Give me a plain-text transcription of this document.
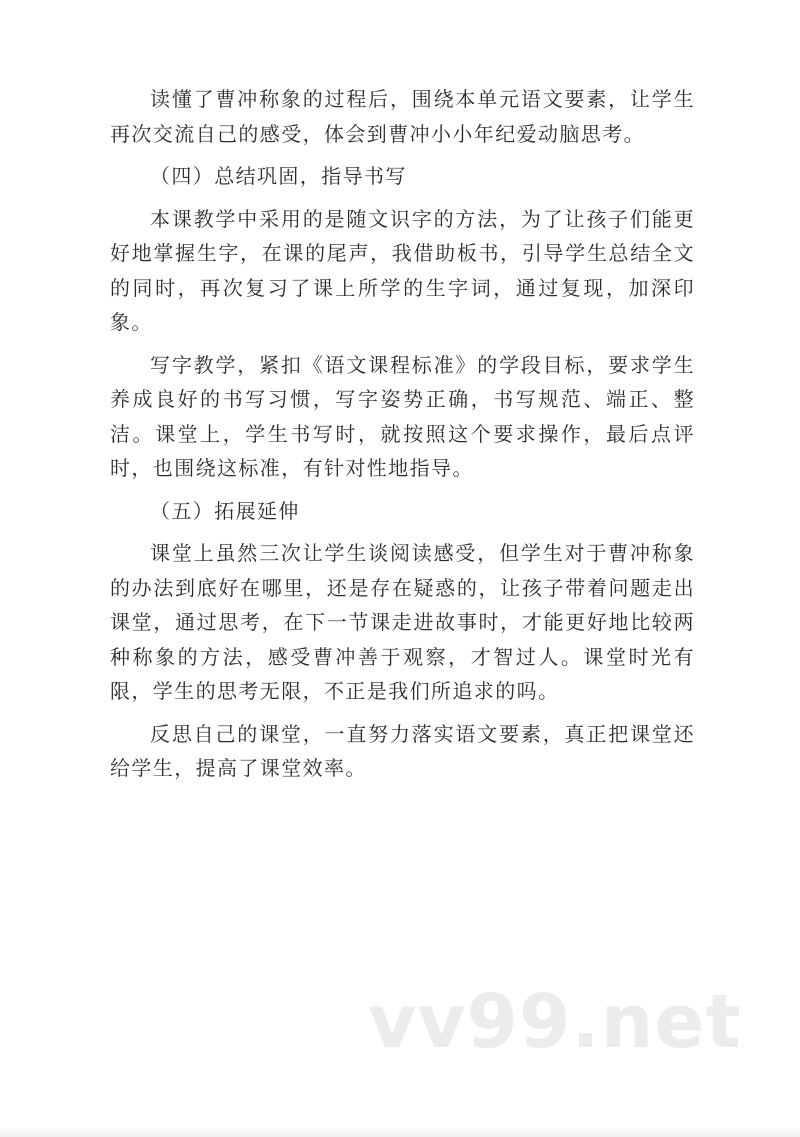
读懂了曹冲称象的过程后，围绕本单元语文要素，让学生再次交流自己的感受，体会到曹冲小小年纪爱动脑思考。

（四）总结巩固，指导书写

本课教学中采用的是随文识字的方法，为了让孩子们能更好地掌握生字，在课的尾声，我借助板书，引导学生总结全文的同时，再次复习了课上所学的生字词，通过复现，加深印象。

写字教学，紧扣《语文课程标准》的学段目标，要求学生养成良好的书写习惯，写字姿势正确，书写规范、端正、整洁。课堂上，学生书写时，就按照这个要求操作，最后点评时，也围绕这标准，有针对性地指导。

（五）拓展延伸

课堂上虽然三次让学生谈阅读感受，但学生对于曹冲称象的办法到底好在哪里，还是存在疑惑的，让孩子带着问题走出课堂，通过思考，在下一节课走进故事时，才能更好地比较两种称象的方法，感受曹冲善于观察，才智过人。课堂时光有限，学生的思考无限，不正是我们所追求的吗。

反思自己的课堂，一直努力落实语文要素，真正把课堂还给学生，提高了课堂效率。

vv99.net
